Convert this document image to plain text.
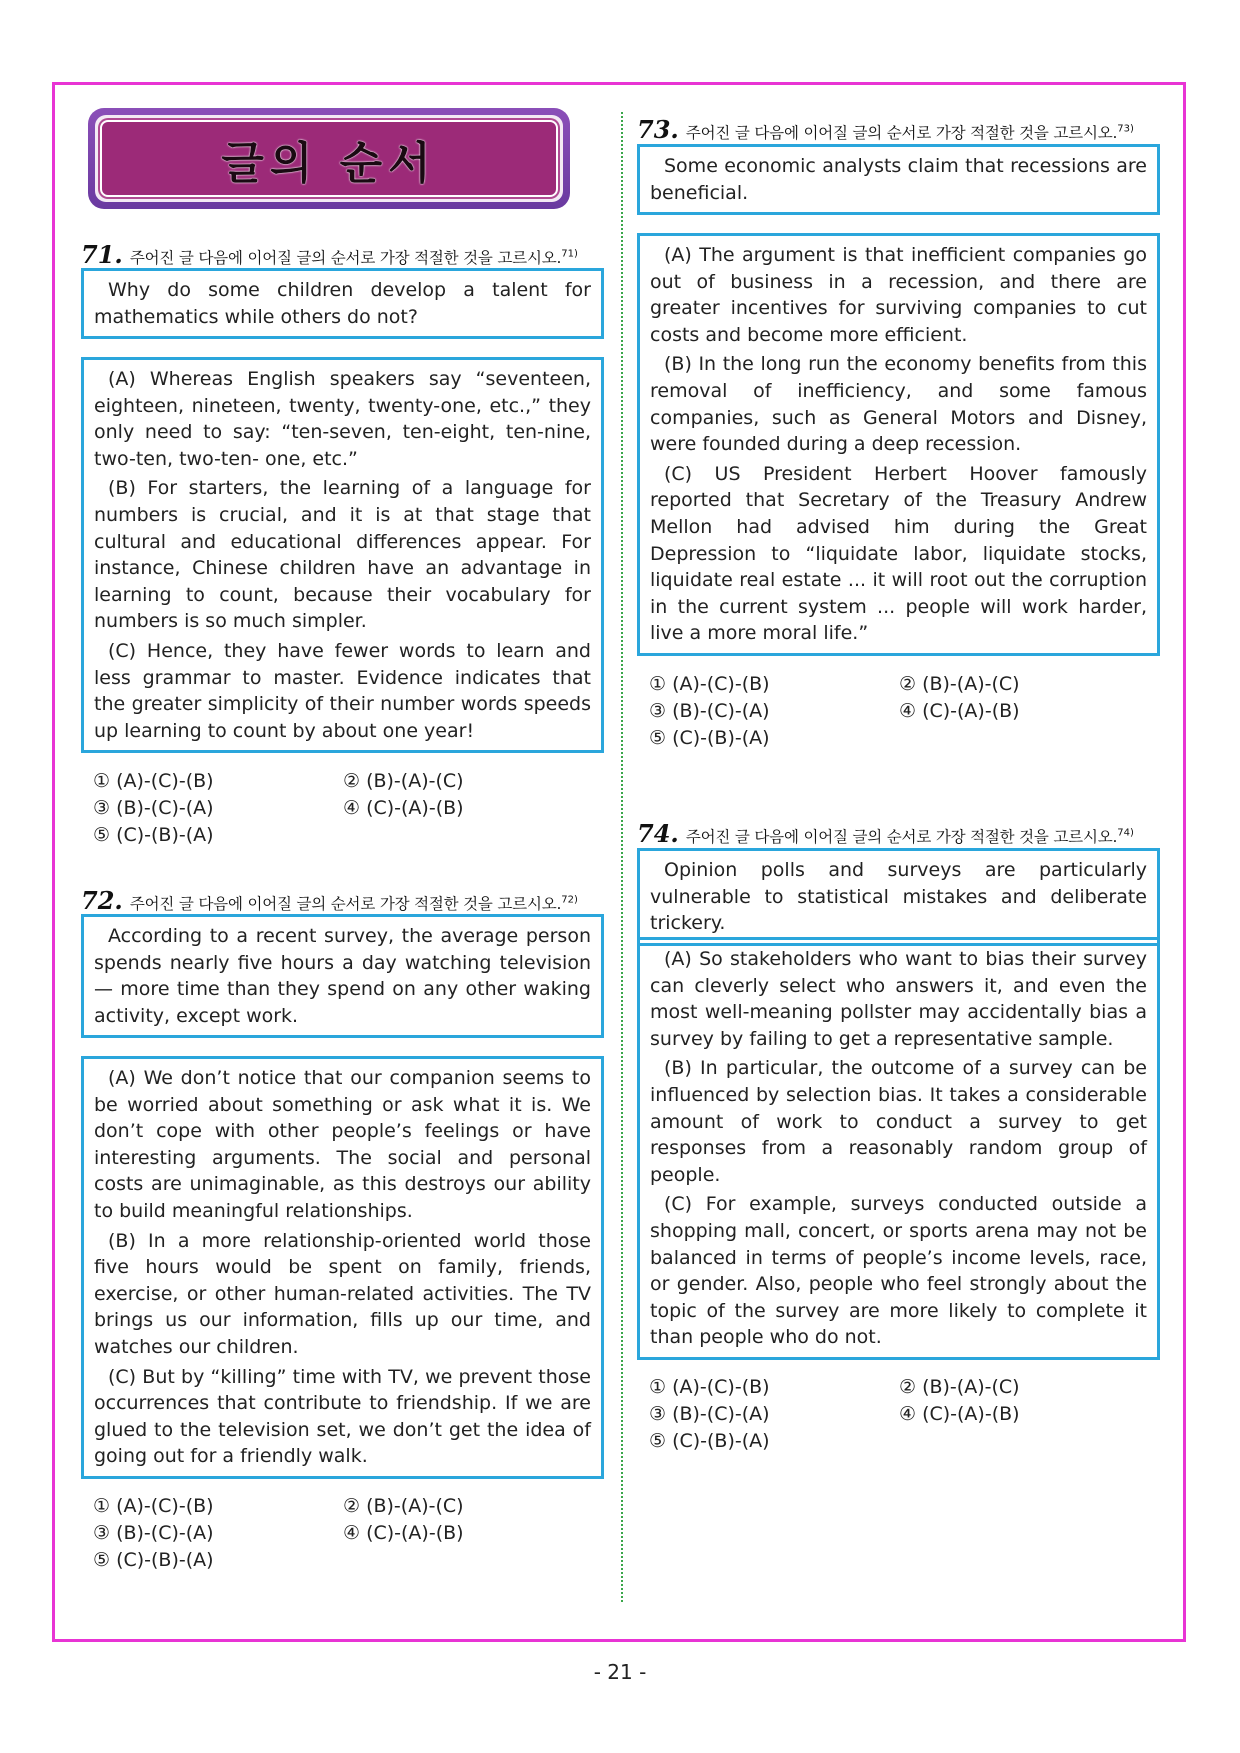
글의 순서
71. 주어진 글 다음에 이어질 글의 순서로 가장 적절한 것을 고르시오.$^{71)}$

Why do some children develop a talent for mathematics while others do not?

(A) Whereas English speakers say “seventeen, eighteen, nineteen, twenty, twenty-one, etc.,” they only need to say: “ten-seven, ten-eight, ten-nine, two-ten, two-ten- one, etc.”

(B) For starters, the learning of a language for numbers is crucial, and it is at that stage that cultural and educational differences appear. For instance, Chinese children have an advantage in learning to count, because their vocabulary for numbers is so much simpler.

(C) Hence, they have fewer words to learn and less grammar to master. Evidence indicates that the greater simplicity of their number words speeds up learning to count by about one year!

① (A)-(C)-(B)	② (B)-(A)-(C)
③ (B)-(C)-(A)	④ (C)-(A)-(B)
⑤ (C)-(B)-(A)
72. 주어진 글 다음에 이어질 글의 순서로 가장 적절한 것을 고르시오.$^{72)}$

According to a recent survey, the average person spends nearly five hours a day watching television — more time than they spend on any other waking activity, except work.

(A) We don’t notice that our companion seems to be worried about something or ask what it is. We don’t cope with other people’s feelings or have interesting arguments. The social and personal costs are unimaginable, as this destroys our ability to build meaningful relationships.

(B) In a more relationship-oriented world those five hours would be spent on family, friends, exercise, or other human-related activities. The TV brings us our information, fills up our time, and watches our children.

(C) But by “killing” time with TV, we prevent those occurrences that contribute to friendship. If we are glued to the television set, we don’t get the idea of going out for a friendly walk.

① (A)-(C)-(B)	② (B)-(A)-(C)
③ (B)-(C)-(A)	④ (C)-(A)-(B)
⑤ (C)-(B)-(A)
73. 주어진 글 다음에 이어질 글의 순서로 가장 적절한 것을 고르시오.$^{73)}$

Some economic analysts claim that recessions are beneficial.

(A) The argument is that inefficient companies go out of business in a recession, and there are greater incentives for surviving companies to cut costs and become more efficient.

(B) In the long run the economy benefits from this removal of inefficiency, and some famous companies, such as General Motors and Disney, were founded during a deep recession.

(C) US President Herbert Hoover famously reported that Secretary of the Treasury Andrew Mellon had advised him during the Great Depression to “liquidate labor, liquidate stocks, liquidate real estate ... it will root out the corruption in the current system ... people will work harder, live a more moral life.”

① (A)-(C)-(B)	② (B)-(A)-(C)
③ (B)-(C)-(A)	④ (C)-(A)-(B)
⑤ (C)-(B)-(A)
74. 주어진 글 다음에 이어질 글의 순서로 가장 적절한 것을 고르시오.$^{74)}$

Opinion polls and surveys are particularly vulnerable to statistical mistakes and deliberate trickery.

(A) So stakeholders who want to bias their survey can cleverly select who answers it, and even the most well-meaning pollster may accidentally bias a survey by failing to get a representative sample.

(B) In particular, the outcome of a survey can be influenced by selection bias. It takes a considerable amount of work to conduct a survey to get responses from a reasonably random group of people.

(C) For example, surveys conducted outside a shopping mall, concert, or sports arena may not be balanced in terms of people’s income levels, race, or gender. Also, people who feel strongly about the topic of the survey are more likely to complete it than people who do not.

① (A)-(C)-(B)	② (B)-(A)-(C)
③ (B)-(C)-(A)	④ (C)-(A)-(B)
⑤ (C)-(B)-(A)
- 21 -
